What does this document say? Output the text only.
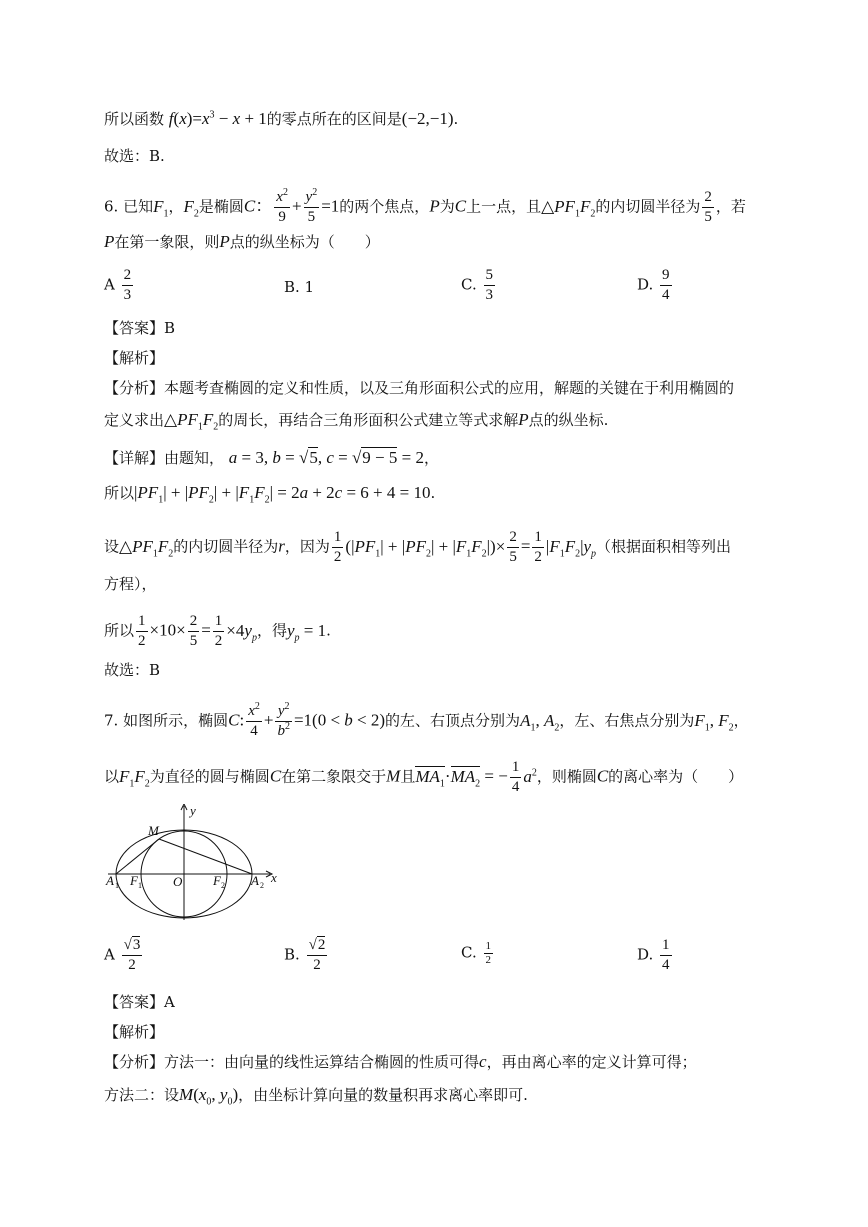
所以函数 $f(x)=x^3 - x + 1$的零点所在的区间是(−2,−1).
故选：B.
6. 已知$F_1$，$F_2$是椭圆C： $\frac{x^2}{9} + \frac{y^2}{5} =1$的两个焦点，P为C上一点，且$\triangle PF_1F_2$的内切圆半径为 $\frac{2}{5}$ ，若
P在第一象限，则P点的纵坐标为（　　）
A $\frac{2}{3}$	B. 1	C. $\frac{5}{3}$	D. $\frac{9}{4}$
【答案】B
【解析】
【分析】本题考查椭圆的定义和性质，以及三角形面积公式的应用，解题的关键在于利用椭圆的
定义求出$\triangle PF_1F_2$的周长，再结合三角形面积公式建立等式求解P点的纵坐标.
【详解】由题知， a = 3, b = √5, c = √9 − 5 = 2，
所以$|PF_1| + |PF_2| + |F_1F_2| = 2a + 2c = 6 + 4 = 10$.
设$\triangle PF_1F_2$的内切圆半径为r，因为 $\frac{1}{2} (|PF_1| + |PF_2| + |F_1F_2|)\times \frac{2}{5} = \frac{1}{2} |F_1F_2|y_p$（根据面积相等列出
方程），
所以 $\frac{1}{2} \times 10\times \frac{2}{5} = \frac{1}{2} \times 4y_p$，得$y_p = 1$.
故选：B
7. 如图所示，椭圆C: $\frac{x^2}{4} + \frac{y^2}{b^2} =1(0 < b < 2)$的左、右顶点分别为$A_1$, $A_2$，左、右焦点分别为$F_1$, $F_2$，
以$F_1F_2$为直径的圆与椭圆C在第二象限交于M且$MA_1\cdot MA_2$ = − $\frac{1}{4} a^2$，则椭圆C的离心率为（　　）
y
x
M
O
A 1 F 1	F 2 A 2
A $\frac{√3}{2}$	B. $\frac{√2}{2}$	C. $\frac{1}{2}$	D. $\frac{1}{4}$
【答案】A
【解析】
【分析】方法一：由向量的线性运算结合椭圆的性质可得c，再由离心率的定义计算可得；
方法二：设$M(x_0$, $y_0$)，由坐标计算向量的数量积再求离心率即可.
